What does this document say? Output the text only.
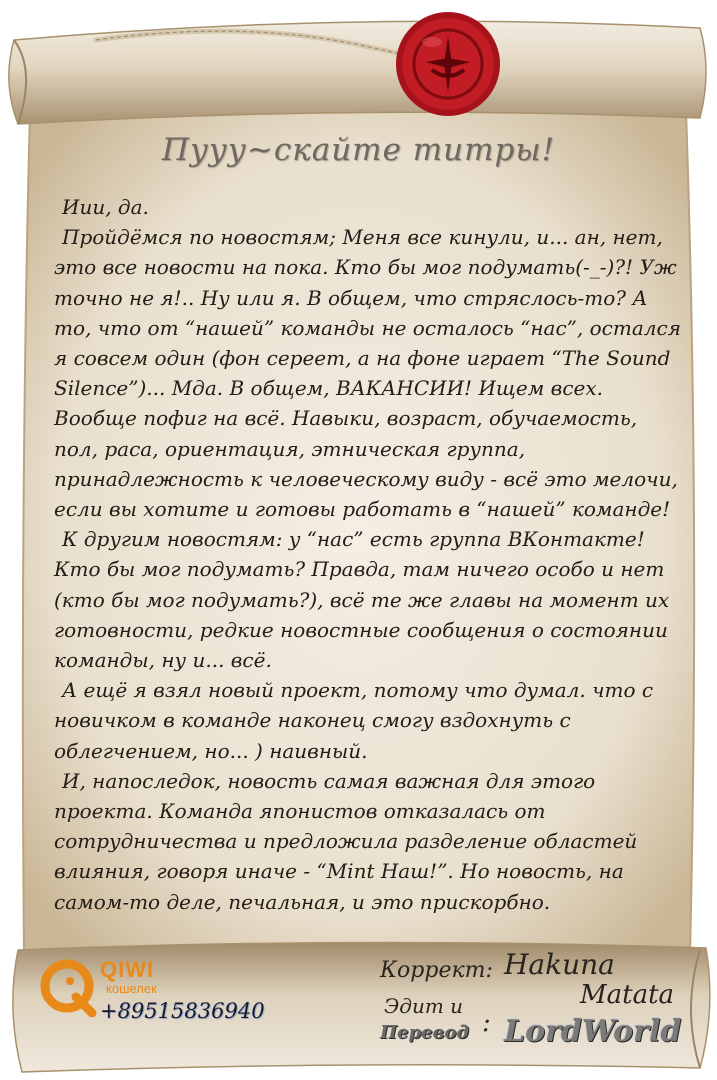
Пууу~скайте титры!

Иии, да.

Пройдёмся по новостям; Меня все кинули, и... ан, нет, это все новости на пока. Кто бы мог подумать(-_-)?! Уж точно не я!.. Ну или я. В общем, что стряслось-то? А то, что от “нашей” команды не осталось “нас”, остался я совсем один (фон сереет, а на фоне играет “The Sound Silence”)... Мда. В общем, ВАКАНСИИ! Ищем всех. Вообще пофиг на всё. Навыки, возраст, обучаемость, пол, раса, ориентация, этническая группа, принадлежность к человеческому виду - всё это мелочи, если вы хотите и готовы работать в “нашей” команде!

К другим новостям: у “нас” есть группа ВКонтакте! Кто бы мог подумать? Правда, там ничего особо и нет (кто бы мог подумать?), всё те же главы на момент их готовности, редкие новостные сообщения о состоянии команды, ну и... всё.

А ещё я взял новый проект, потому что думал. что с новичком в команде наконец смогу вздохнуть с облегчением, но... ) наивный.

И, напоследок, новость самая важная для этого проекта. Команда японистов отказалась от сотрудничества и предложила разделение областей влияния, говоря иначе - “Mint Наш!”. Но новость, на самом-то деле, печальная, и это прискорбно.

QIWI
кошелек
+89515836940
Коррект: Hakuna
Matata
Эдит и
Перевод : LordWorld
